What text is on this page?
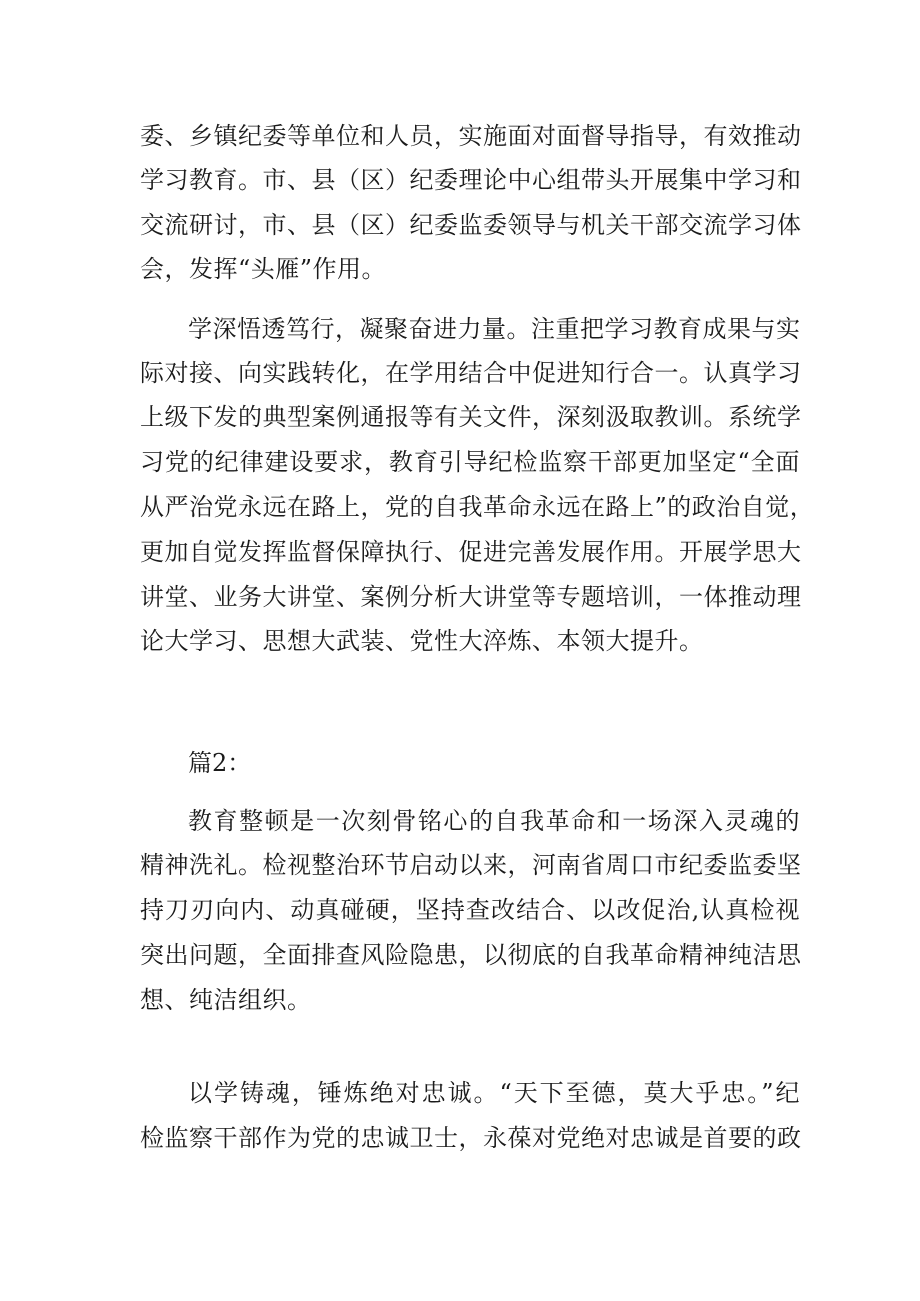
委、乡镇纪委等单位和人员，实施面对面督导指导，有效推动
学习教育。市、县（区）纪委理论中心组带头开展集中学习和
交流研讨，市、县（区）纪委监委领导与机关干部交流学习体
会，发挥“头雁”作用。
学深悟透笃行，凝聚奋进力量。注重把学习教育成果与实
际对接、向实践转化，在学用结合中促进知行合一。认真学习
上级下发的典型案例通报等有关文件，深刻汲取教训。系统学
习党的纪律建设要求，教育引导纪检监察干部更加坚定“全面
从严治党永远在路上，党的自我革命永远在路上”的政治自觉，
更加自觉发挥监督保障执行、促进完善发展作用。开展学思大
讲堂、业务大讲堂、案例分析大讲堂等专题培训，一体推动理
论大学习、思想大武装、党性大淬炼、本领大提升。
篇2：
教育整顿是一次刻骨铭心的自我革命和一场深入灵魂的
精神洗礼。检视整治环节启动以来，河南省周口市纪委监委坚
持刀刃向内、动真碰硬，坚持查改结合、以改促治,认真检视
突出问题，全面排查风险隐患，以彻底的自我革命精神纯洁思
想、纯洁组织。
以学铸魂，锤炼绝对忠诚。“天下至德，莫大乎忠。”纪
检监察干部作为党的忠诚卫士，永葆对党绝对忠诚是首要的政
